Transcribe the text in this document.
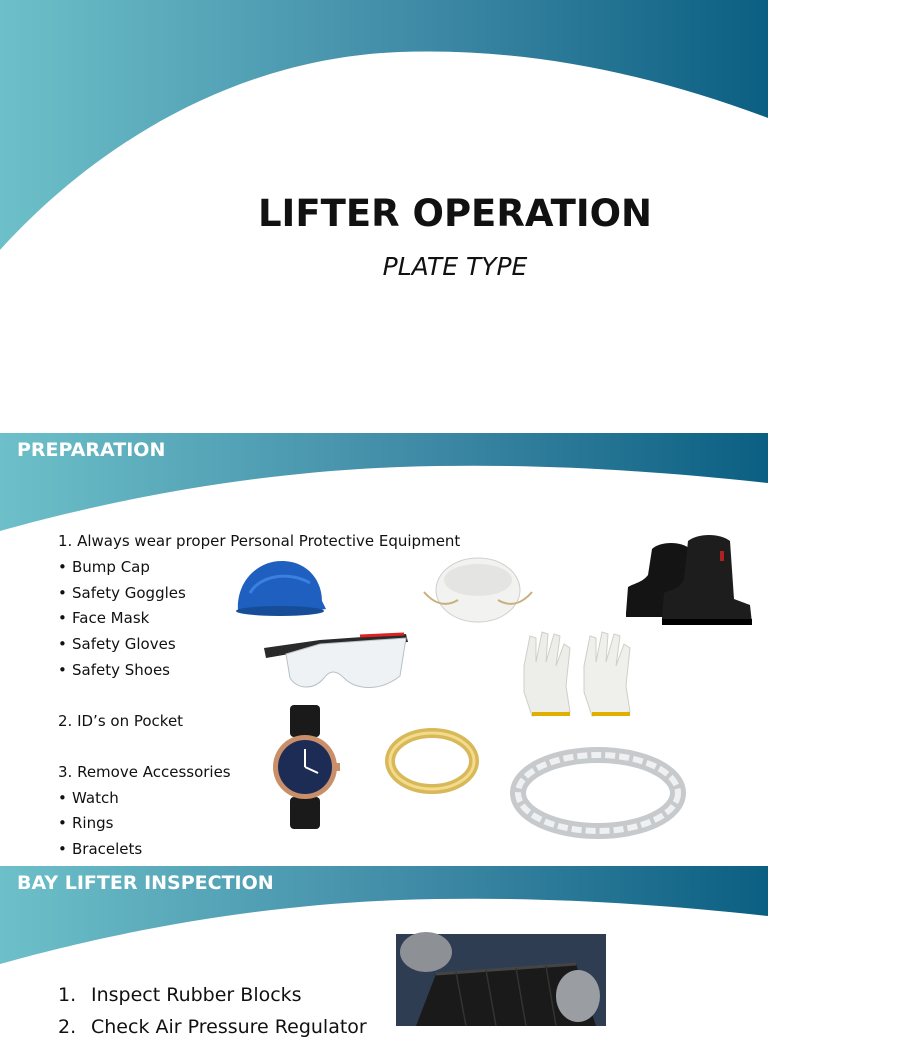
LIFTER OPERATION
PLATE TYPE
PREPARATION
1. Always wear proper Personal Protective Equipment
• Bump Cap
• Safety Goggles
• Face Mask
• Safety Gloves
• Safety Shoes
2. ID’s on Pocket
3. Remove Accessories
• Watch
• Rings
• Bracelets
BAY LIFTER INSPECTION
1. Inspect Rubber Blocks
2. Check Air Pressure Regulator
